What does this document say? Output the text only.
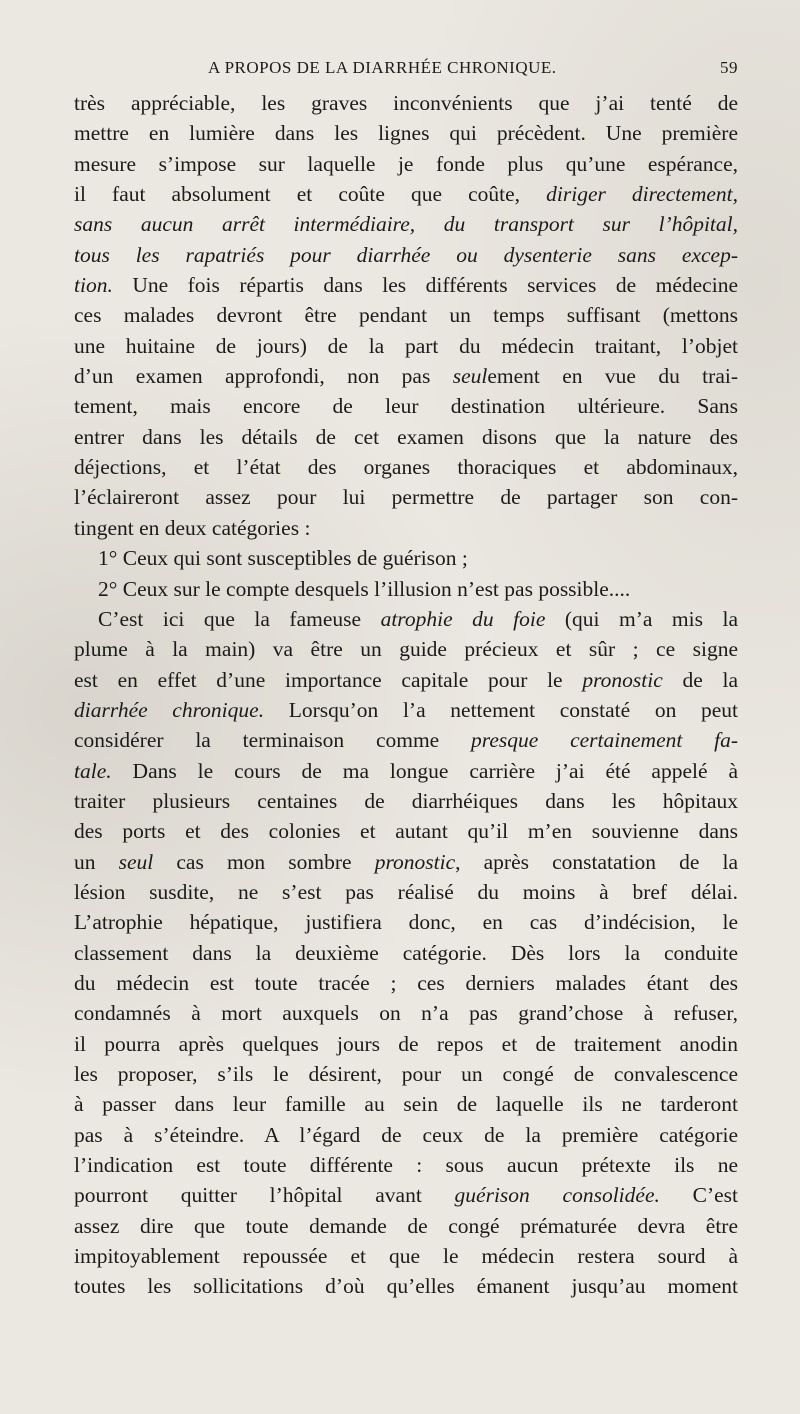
A PROPOS DE LA DIARRHÉE CHRONIQUE.	59
très appréciable, les graves inconvénients que j’ai tenté de
mettre en lumière dans les lignes qui précèdent. Une première
mesure s’impose sur laquelle je fonde plus qu’une espérance,
il faut absolument et coûte que coûte, diriger directement,
sans aucun arrêt intermédiaire, du transport sur l’hôpital,
tous les rapatriés pour diarrhée ou dysenterie sans excep-
tion. Une fois répartis dans les différents services de médecine
ces malades devront être pendant un temps suffisant (mettons
une huitaine de jours) de la part du médecin traitant, l’objet
d’un examen approfondi, non pas seulement en vue du trai-
tement, mais encore de leur destination ultérieure. Sans
entrer dans les détails de cet examen disons que la nature des
déjections, et l’état des organes thoraciques et abdominaux,
l’éclaireront assez pour lui permettre de partager son con-
tingent en deux catégories :
1° Ceux qui sont susceptibles de guérison ;
2° Ceux sur le compte desquels l’illusion n’est pas possible....
C’est ici que la fameuse atrophie du foie (qui m’a mis la
plume à la main) va être un guide précieux et sûr ; ce signe
est en effet d’une importance capitale pour le pronostic de la
diarrhée chronique. Lorsqu’on l’a nettement constaté on peut
considérer la terminaison comme presque certainement fa-
tale. Dans le cours de ma longue carrière j’ai été appelé à
traiter plusieurs centaines de diarrhéiques dans les hôpitaux
des ports et des colonies et autant qu’il m’en souvienne dans
un seul cas mon sombre pronostic, après constatation de la
lésion susdite, ne s’est pas réalisé du moins à bref délai.
L’atrophie hépatique, justifiera donc, en cas d’indécision, le
classement dans la deuxième catégorie. Dès lors la conduite
du médecin est toute tracée ; ces derniers malades étant des
condamnés à mort auxquels on n’a pas grand’chose à refuser,
il pourra après quelques jours de repos et de traitement anodin
les proposer, s’ils le désirent, pour un congé de convalescence
à passer dans leur famille au sein de laquelle ils ne tarderont
pas à s’éteindre. A l’égard de ceux de la première catégorie
l’indication est toute différente : sous aucun prétexte ils ne
pourront quitter l’hôpital avant guérison consolidée. C’est
assez dire que toute demande de congé prématurée devra être
impitoyablement repoussée et que le médecin restera sourd à
toutes les sollicitations d’où qu’elles émanent jusqu’au moment
